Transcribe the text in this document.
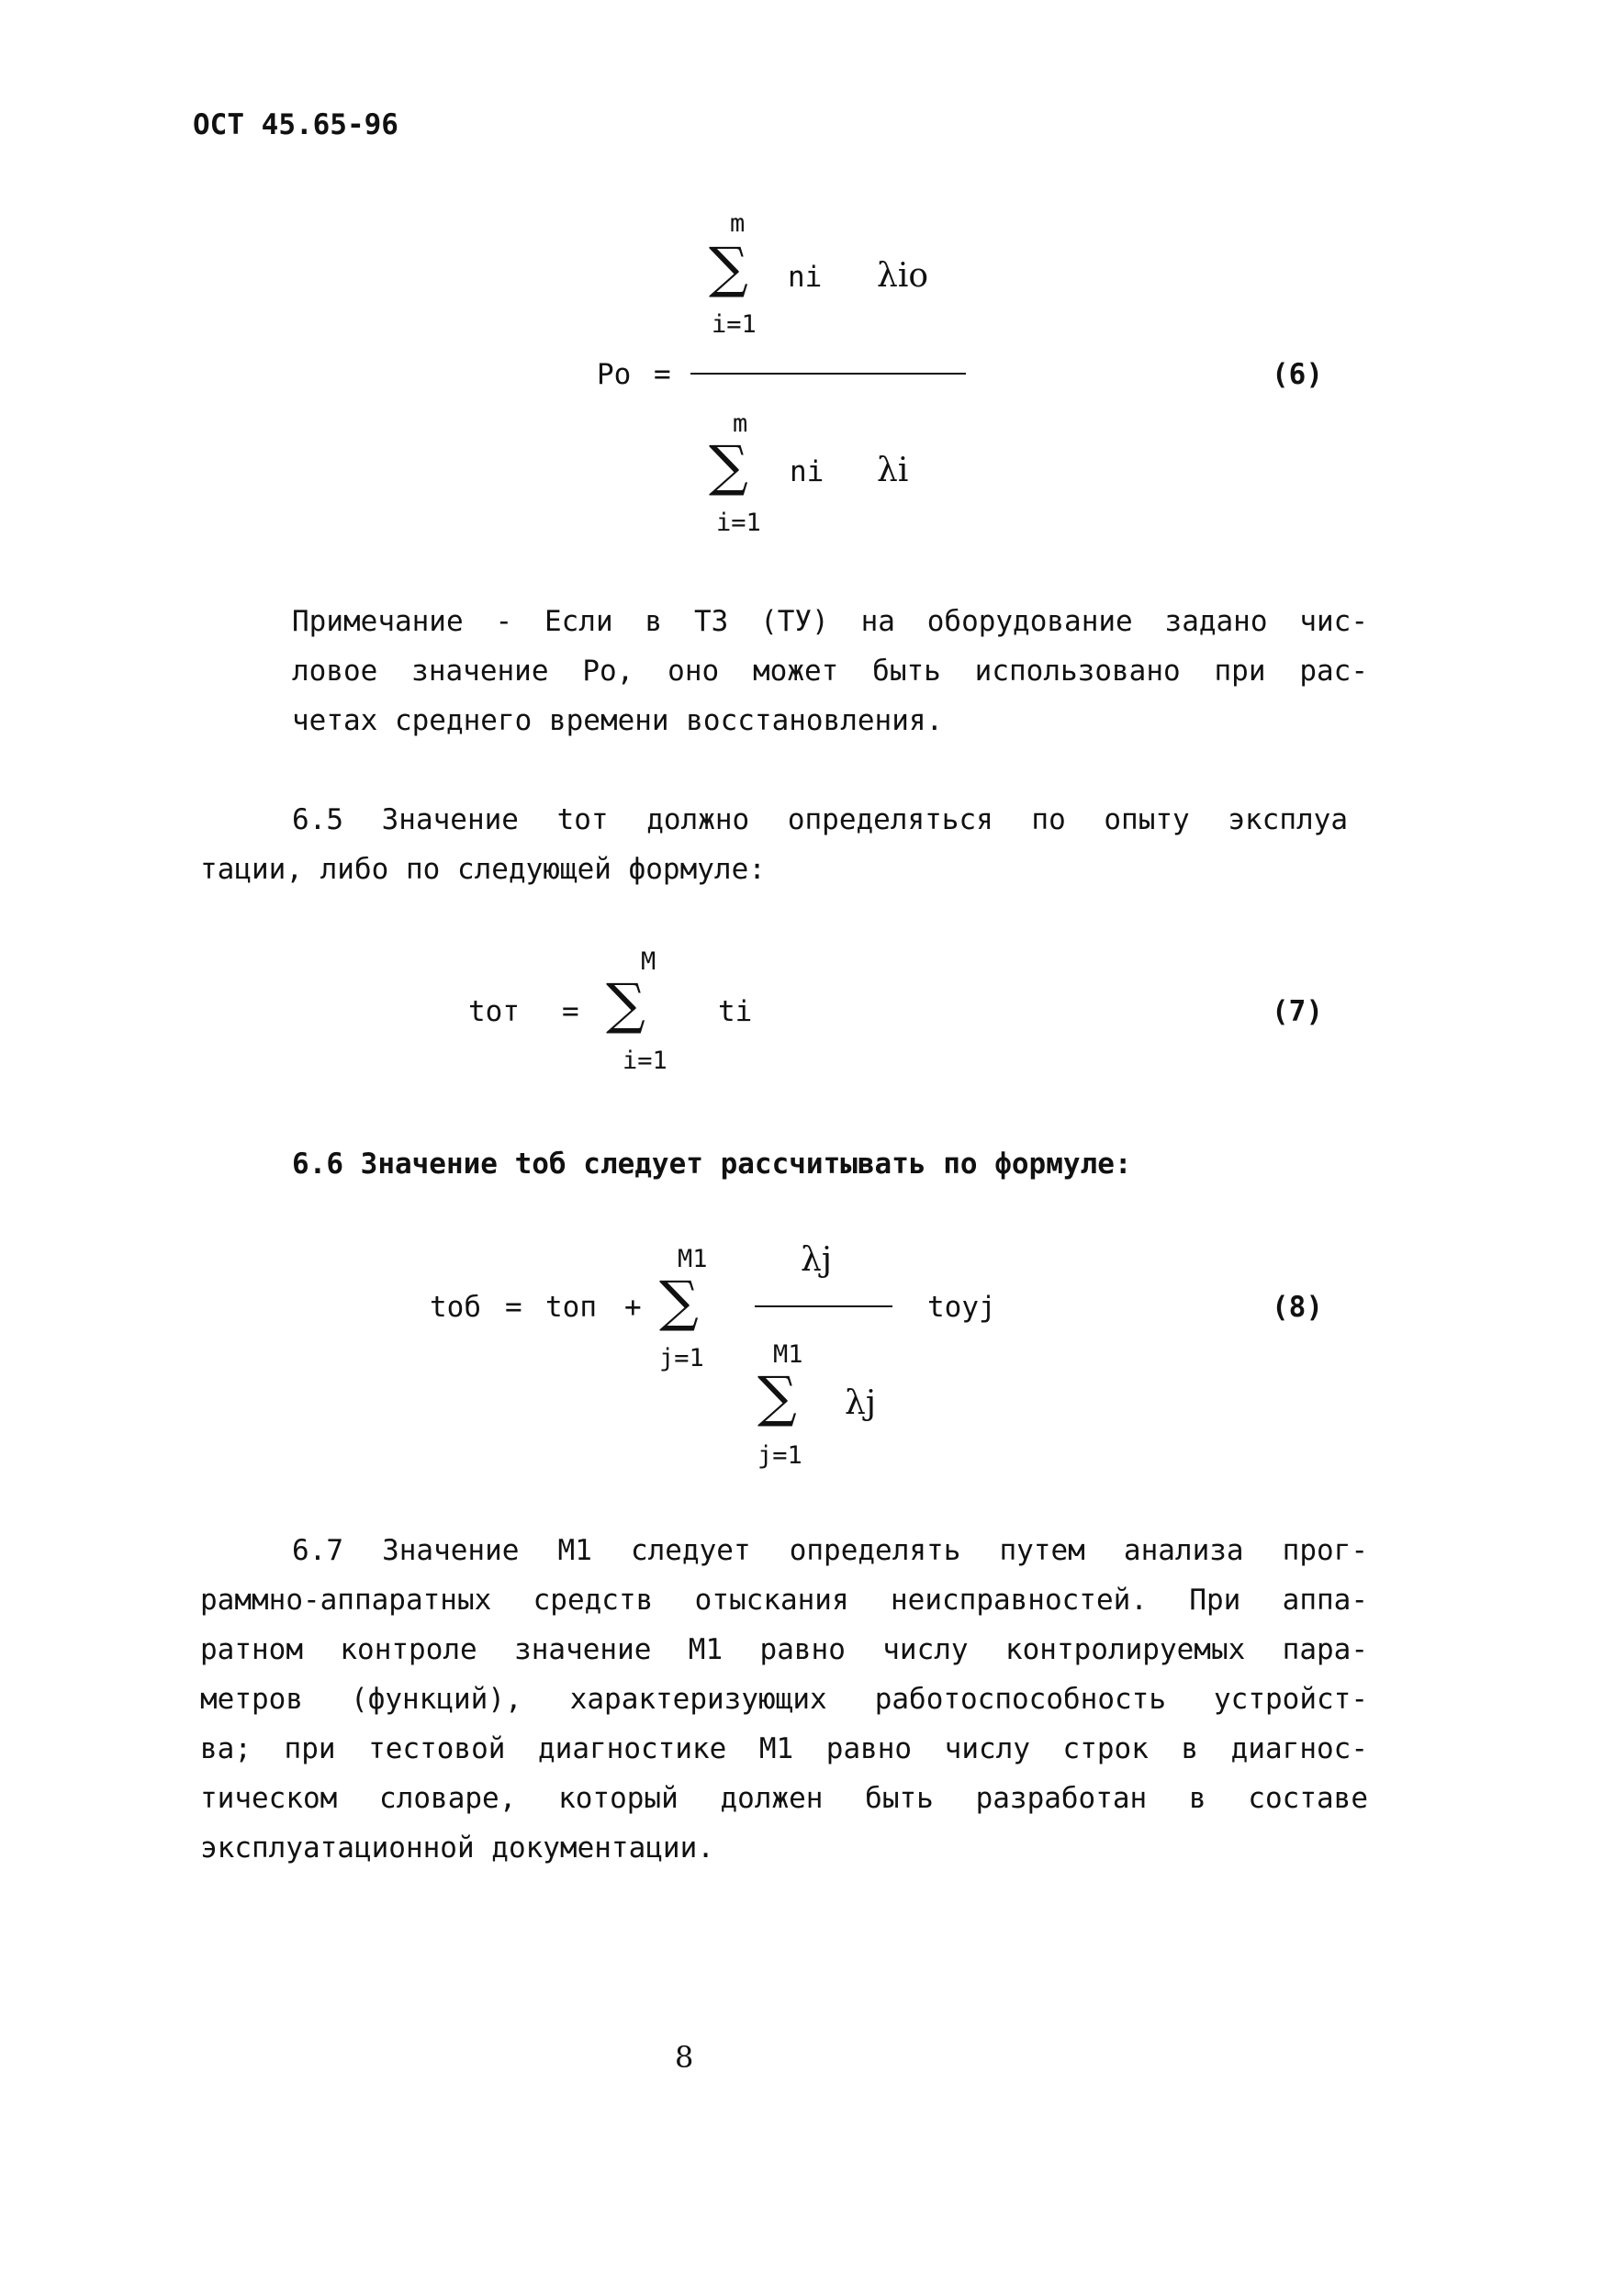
ОСТ 45.65-96
m
∑ ni λio
i=1
Po =	(6)
m
∑ ni λi
i=1
Примечание - Если в ТЗ (ТУ) на оборудование задано чис-
ловое значение Ро, оно может быть использовано при рас-
четах среднего времени восстановления.
6.5 Значение tот должно определяться по опыту эксплуа
тации, либо по следующей формуле:
M
tот = ∑	ti	(7)
i=1
6.6 Значение tоб следует рассчитывать по формуле:
M1	λj
tоб = tоп + ∑	tоуj	(8)
j=1	M1
∑ λj
j=1
6.7 Значение M1 следует определять путем анализа прог-
раммно-аппаратных средств отыскания неисправностей. При аппа-
ратном контроле значение M1 равно числу контролируемых пара-
метров (функций), характеризующих работоспособность устройст-
ва; при тестовой диагностике M1 равно числу строк в диагнос-
тическом словаре, который должен быть разработан в составе
эксплуатационной документации.
8
